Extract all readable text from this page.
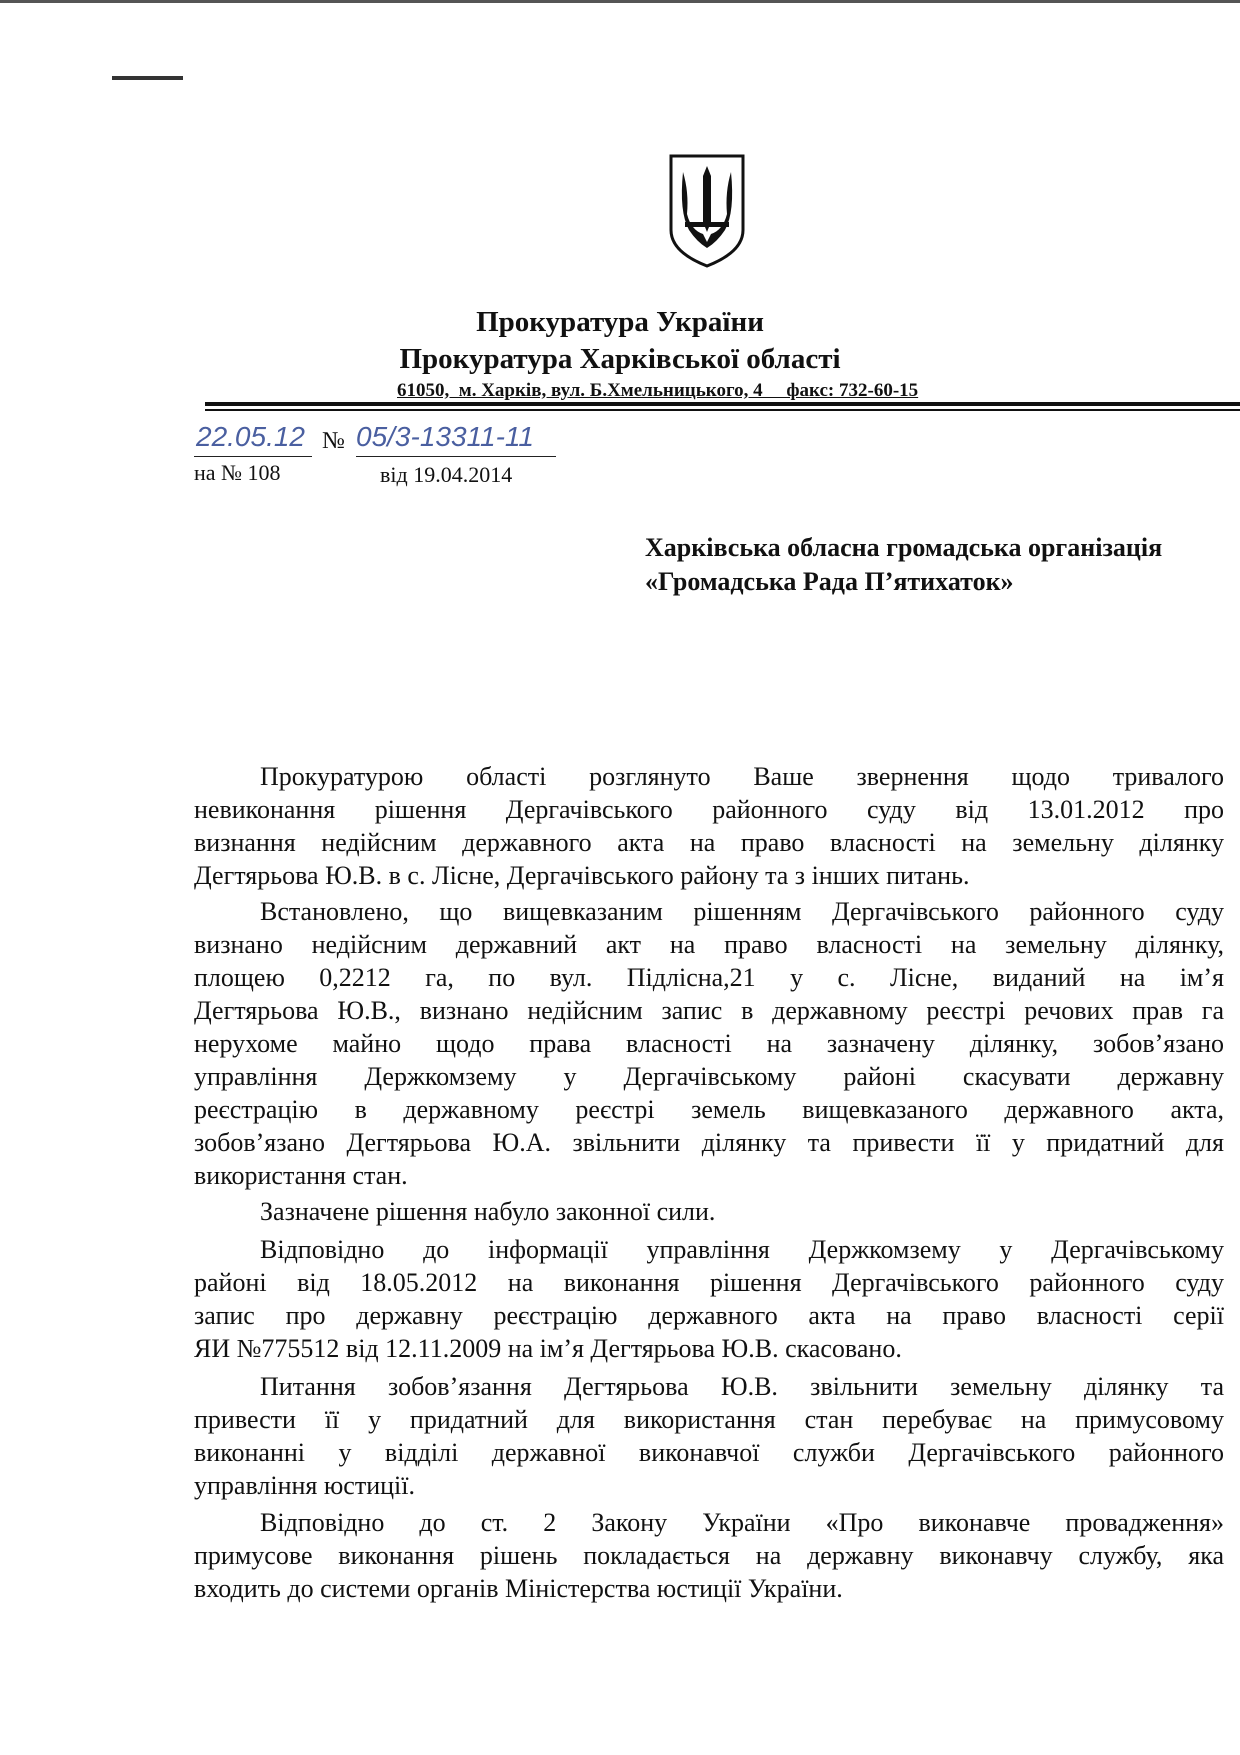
Прокуратура України
Прокуратура Харківської області
61050,  м. Харків, вул. Б.Хмельницького, 4     факс: 732-60-15
22.05.12 № 05/3-13311-11
на № 108	від 19.04.2014
Харківська обласна громадська організація
«Громадська Рада П’ятихаток»
Прокуратурою області розглянуто Ваше звернення щодо тривалого
невиконання рішення Дергачівського районного суду від 13.01.2012 про
визнання недійсним державного акта на право власності на земельну ділянку
Дегтярьова Ю.В. в с. Лісне, Дергачівського району та з інших питань.
Встановлено, що вищевказаним рішенням Дергачівського районного суду
визнано недійсним державний акт на право власності на земельну ділянку,
площею 0,2212 га, по вул. Підлісна,21 у с. Лісне, виданий на ім’я
Дегтярьова Ю.В., визнано недійсним запис в державному реєстрі речових прав га
нерухоме майно щодо права власності на зазначену ділянку, зобов’язано
управління Держкомзему у Дергачівському районі скасувати державну
реєстрацію в державному реєстрі земель вищевказаного державного акта,
зобов’язано Дегтярьова Ю.А. звільнити ділянку та привести її у придатний для
використання стан.
Зазначене рішення набуло законної сили.
Відповідно до інформації управління Держкомзему у Дергачівському
районі від 18.05.2012 на виконання рішення Дергачівського районного суду
запис про державну реєстрацію державного акта на право власності серії
ЯИ №775512 від 12.11.2009 на ім’я Дегтярьова Ю.В. скасовано.
Питання зобов’язання Дегтярьова Ю.В. звільнити земельну ділянку та
привести її у придатний для використання стан перебуває на примусовому
виконанні у відділі державної виконавчої служби Дергачівського районного
управління юстиції.
Відповідно до ст. 2 Закону України «Про виконавче провадження»
примусове виконання рішень покладається на державну виконавчу службу, яка
входить до системи органів Міністерства юстиції України.
